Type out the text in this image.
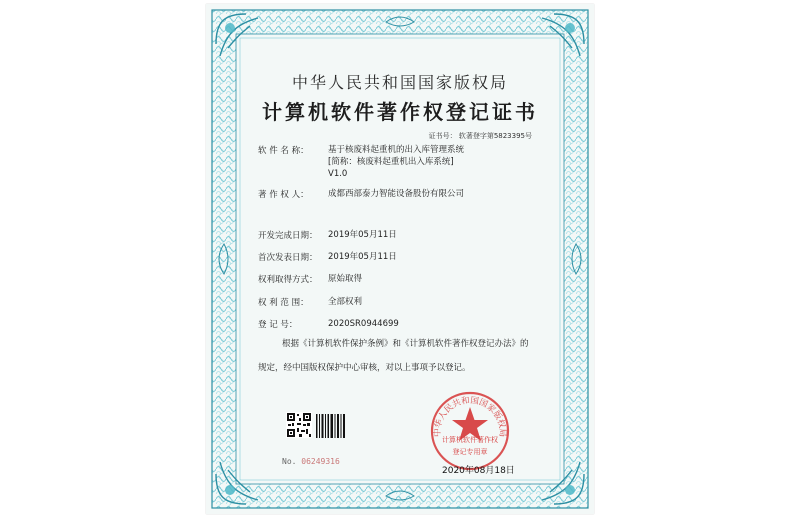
中华人民共和国国家版权局
计算机软件著作权登记证书
证书号： 软著登字第5823395号
软 件 名 称：	基于核废料起重机的出入库管理系统
[简称：核废料起重机出入库系统]
V1.0
著 作 权 人：	成都西部泰力智能设备股份有限公司
开发完成日期：	2019年05月11日
首次发表日期：	2019年05月11日
权利取得方式：	原始取得
权 利 范 围：	全部权利
登 记 号：	2020SR0944699
根据《计算机软件保护条例》和《计算机软件著作权登记办法》的
规定，经中国版权保护中心审核，对以上事项予以登记。
No. 06249316
中华人民共和国国家版权局
计算机软件著作权
登记专用章
2020年08月18日
